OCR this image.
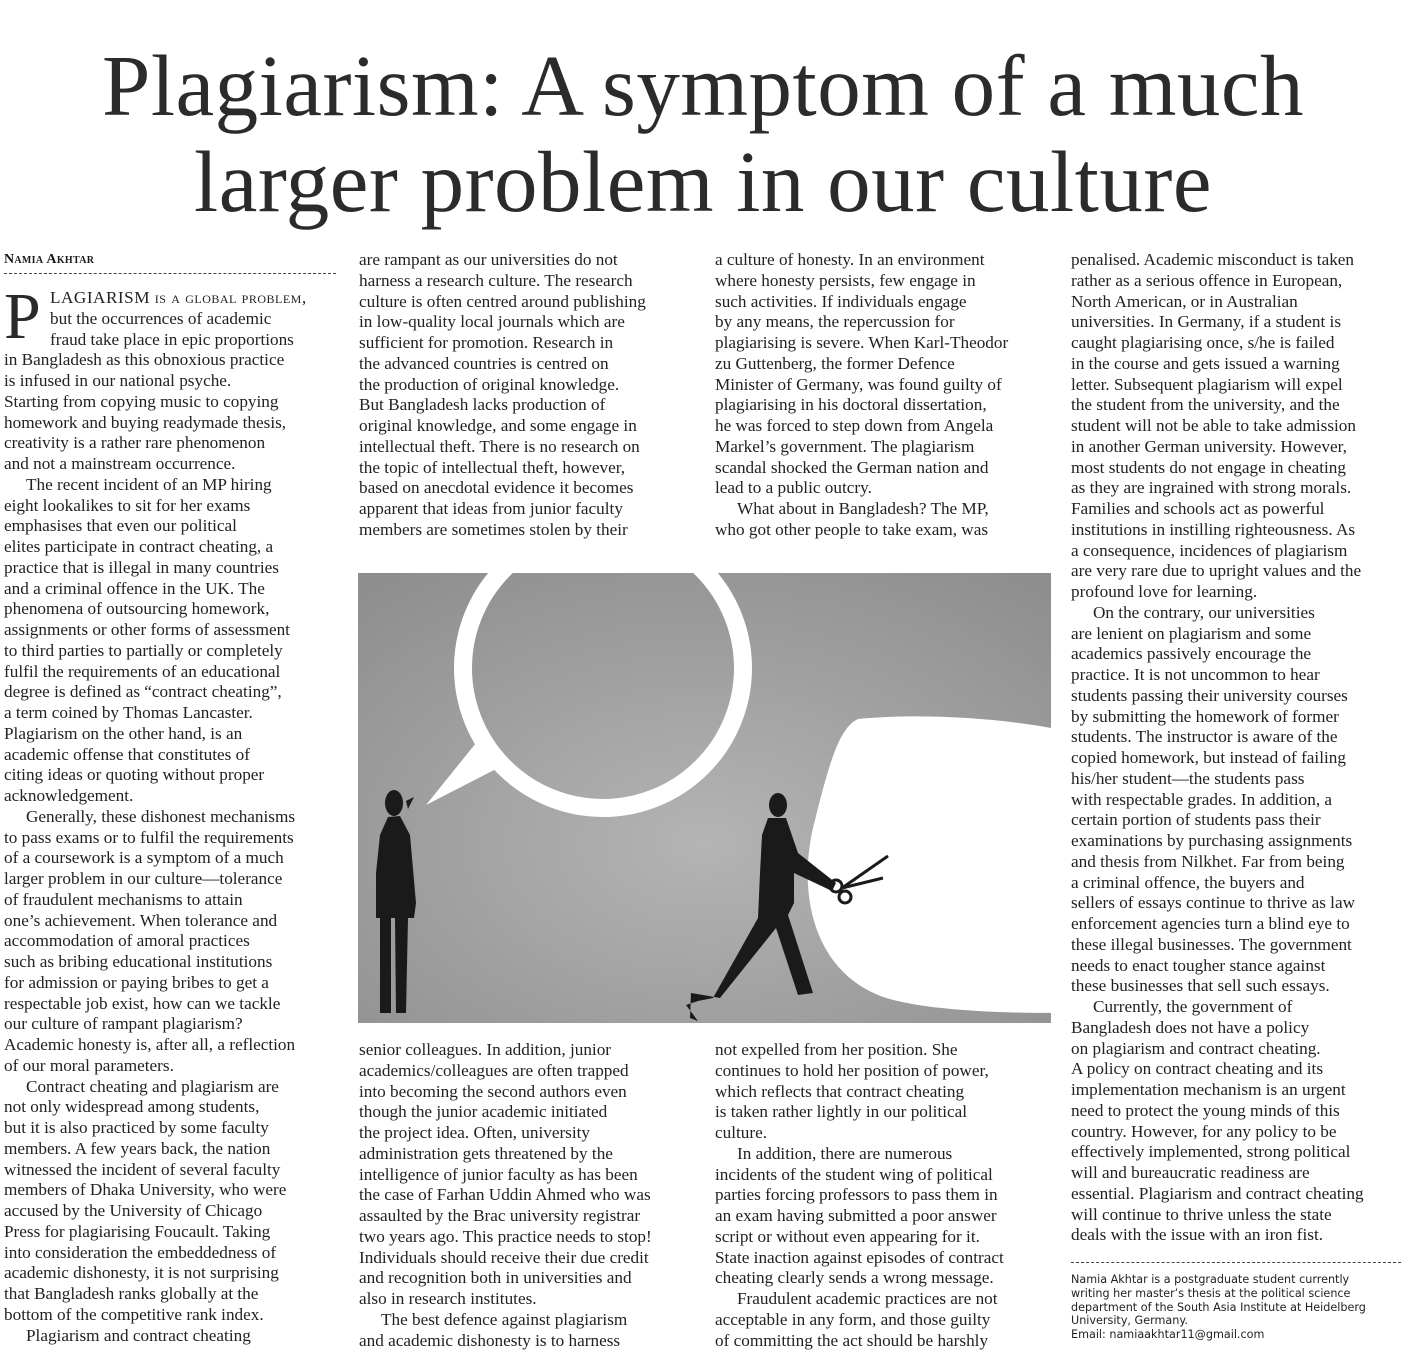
Plagiarism: A symptom of a much
larger problem in our culture
Namia Akhtar
P LAGIARISM is a global problem,

but the occurrences of academic

fraud take place in epic proportions

in Bangladesh as this obnoxious practice

is infused in our national psyche.

Starting from copying music to copying

homework and buying readymade thesis,

creativity is a rather rare phenomenon

and not a mainstream occurrence.

The recent incident of an MP hiring

eight lookalikes to sit for her exams

emphasises that even our political

elites participate in contract cheating, a

practice that is illegal in many countries

and a criminal offence in the UK. The

phenomena of outsourcing homework,

assignments or other forms of assessment

to third parties to partially or completely

fulfil the requirements of an educational

degree is defined as “contract cheating”,

a term coined by Thomas Lancaster.

Plagiarism on the other hand, is an

academic offense that constitutes of

citing ideas or quoting without proper

acknowledgement.

Generally, these dishonest mechanisms

to pass exams or to fulfil the requirements

of a coursework is a symptom of a much

larger problem in our culture—tolerance

of fraudulent mechanisms to attain

one’s achievement. When tolerance and

accommodation of amoral practices

such as bribing educational institutions

for admission or paying bribes to get a

respectable job exist, how can we tackle

our culture of rampant plagiarism?

Academic honesty is, after all, a reflection

of our moral parameters.

Contract cheating and plagiarism are

not only widespread among students,

but it is also practiced by some faculty

members. A few years back, the nation

witnessed the incident of several faculty

members of Dhaka University, who were

accused by the University of Chicago

Press for plagiarising Foucault. Taking

into consideration the embeddedness of

academic dishonesty, it is not surprising

that Bangladesh ranks globally at the

bottom of the competitive rank index.

Plagiarism and contract cheating

are rampant as our universities do not

harness a research culture. The research

culture is often centred around publishing

in low-quality local journals which are

sufficient for promotion. Research in

the advanced countries is centred on

the production of original knowledge.

But Bangladesh lacks production of

original knowledge, and some engage in

intellectual theft. There is no research on

the topic of intellectual theft, however,

based on anecdotal evidence it becomes

apparent that ideas from junior faculty

members are sometimes stolen by their

a culture of honesty. In an environment

where honesty persists, few engage in

such activities. If individuals engage

by any means, the repercussion for

plagiarising is severe. When Karl-Theodor

zu Guttenberg, the former Defence

Minister of Germany, was found guilty of

plagiarising in his doctoral dissertation,

he was forced to step down from Angela

Markel’s government. The plagiarism

scandal shocked the German nation and

lead to a public outcry.

What about in Bangladesh? The MP,

who got other people to take exam, was

senior colleagues. In addition, junior

academics/colleagues are often trapped

into becoming the second authors even

though the junior academic initiated

the project idea. Often, university

administration gets threatened by the

intelligence of junior faculty as has been

the case of Farhan Uddin Ahmed who was

assaulted by the Brac university registrar

two years ago. This practice needs to stop!

Individuals should receive their due credit

and recognition both in universities and

also in research institutes.

The best defence against plagiarism

and academic dishonesty is to harness

not expelled from her position. She

continues to hold her position of power,

which reflects that contract cheating

is taken rather lightly in our political

culture.

In addition, there are numerous

incidents of the student wing of political

parties forcing professors to pass them in

an exam having submitted a poor answer

script or without even appearing for it.

State inaction against episodes of contract

cheating clearly sends a wrong message.

Fraudulent academic practices are not

acceptable in any form, and those guilty

of committing the act should be harshly

penalised. Academic misconduct is taken

rather as a serious offence in European,

North American, or in Australian

universities. In Germany, if a student is

caught plagiarising once, s/he is failed

in the course and gets issued a warning

letter. Subsequent plagiarism will expel

the student from the university, and the

student will not be able to take admission

in another German university. However,

most students do not engage in cheating

as they are ingrained with strong morals.

Families and schools act as powerful

institutions in instilling righteousness. As

a consequence, incidences of plagiarism

are very rare due to upright values and the

profound love for learning.

On the contrary, our universities

are lenient on plagiarism and some

academics passively encourage the

practice. It is not uncommon to hear

students passing their university courses

by submitting the homework of former

students. The instructor is aware of the

copied homework, but instead of failing

his/her student—the students pass

with respectable grades. In addition, a

certain portion of students pass their

examinations by purchasing assignments

and thesis from Nilkhet. Far from being

a criminal offence, the buyers and

sellers of essays continue to thrive as law

enforcement agencies turn a blind eye to

these illegal businesses. The government

needs to enact tougher stance against

these businesses that sell such essays.

Currently, the government of

Bangladesh does not have a policy

on plagiarism and contract cheating.

A policy on contract cheating and its

implementation mechanism is an urgent

need to protect the young minds of this

country. However, for any policy to be

effectively implemented, strong political

will and bureaucratic readiness are

essential. Plagiarism and contract cheating

will continue to thrive unless the state

deals with the issue with an iron fist.

Namia Akhtar is a postgraduate student currently

writing her master’s thesis at the political science

department of the South Asia Institute at Heidelberg

University, Germany.

Email: namiaakhtar11@gmail.com
